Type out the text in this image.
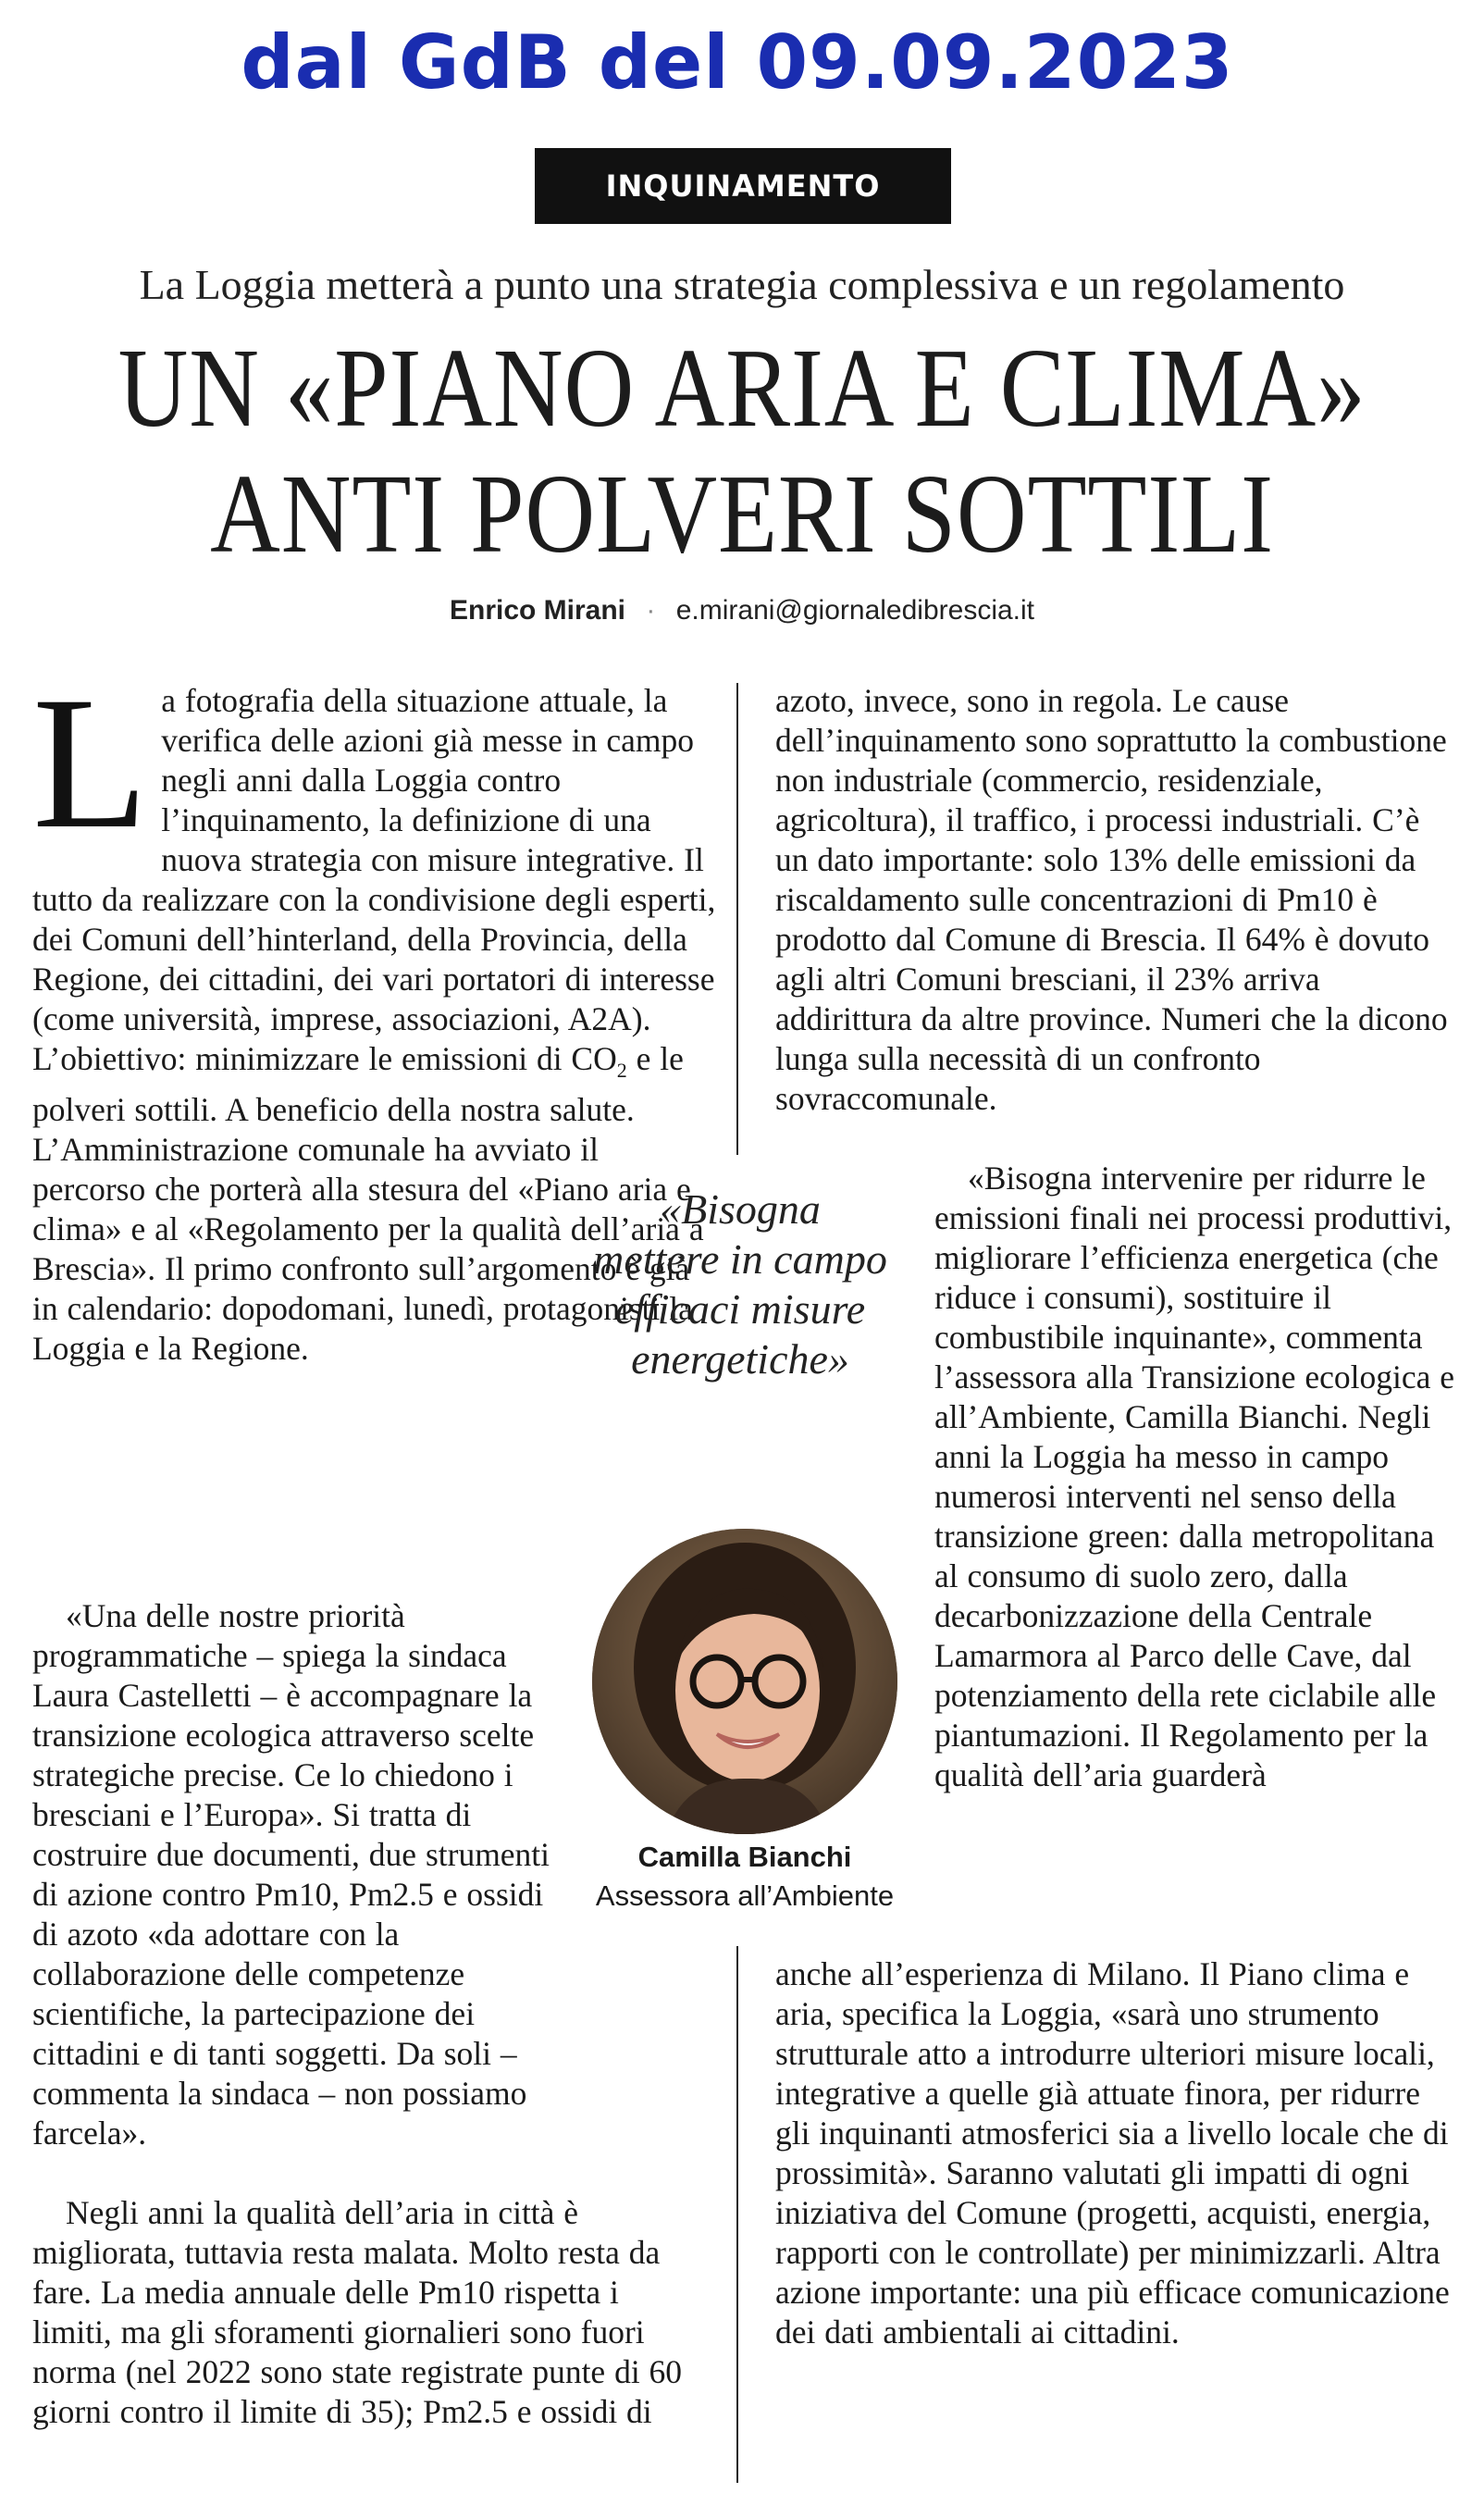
dal GdB del 09.09.2023
INQUINAMENTO
La Loggia metterà a punto una strategia complessiva e un regolamento
UN «PIANO ARIA E CLIMA»
ANTI POLVERI SOTTILI
Enrico Mirani · e.mirani@giornaledibrescia.it

La fotografia della situazione attuale, la verifica delle azioni già messe in campo negli anni dalla Loggia contro l’inquinamento, la definizione di una nuova strategia con misure integrative. Il tutto da realizzare con la condivisione degli esperti, dei Comuni dell’hinterland, della Provincia, della Regione, dei cittadini, dei vari portatori di interesse (come università, imprese, associazioni, A2A). L’obiettivo: minimizzare le emissioni di $CO_2$ e le polveri sottili. A beneficio della nostra salute. L’Amministrazione comunale ha avviato il percorso che porterà alla stesura del «Piano aria e clima» e al «Regolamento per la qualità dell’aria a Brescia». Il primo confronto sull’argomento è già in calendario: dopodomani, lunedì, protagonisti la Loggia e la Regione.

«Una delle nostre priorità programmatiche – spiega la sindaca Laura Castelletti – è accompagnare la transizione ecologica attraverso scelte strategiche precise. Ce lo chiedono i bresciani e l’Europa». Si tratta di costruire due documenti, due strumenti di azione contro Pm10, Pm2.5 e ossidi di azoto «da adottare con la collaborazione delle competenze scientifiche, la partecipazione dei cittadini e di tanti soggetti. Da soli – commenta la sindaca – non possiamo farcela».

Negli anni la qualità dell’aria in città è migliorata, tuttavia resta malata. Molto resta da fare. La media annuale delle Pm10 rispetta i limiti, ma gli sforamenti giornalieri sono fuori norma (nel 2022 sono state registrate punte di 60 giorni contro il limite di 35); Pm2.5 e ossidi di

azoto, invece, sono in regola. Le cause dell’inquinamento sono soprattutto la combustione non industriale (commercio, residenziale, agricoltura), il traffico, i processi industriali. C’è un dato importante: solo 13% delle emissioni da riscaldamento sulle concentrazioni di Pm10 è prodotto dal Comune di Brescia. Il 64% è dovuto agli altri Comuni bresciani, il 23% arriva addirittura da altre province. Numeri che la dicono lunga sulla necessità di un confronto sovraccomunale.

«Bisogna intervenire per ridurre le emissioni finali nei processi produttivi, migliorare l’efficienza energetica (che riduce i consumi), sostituire il combustibile inquinante», commenta l’assessora alla Transizione ecologica e all’Ambiente, Camilla Bianchi. Negli anni la Loggia ha messo in campo numerosi interventi nel senso della transizione green: dalla metropolitana al consumo di suolo zero, dalla decarbonizzazione della Centrale Lamarmora al Parco delle Cave, dal potenziamento della rete ciclabile alle piantumazioni. Il Regolamento per la qualità dell’aria guarderà

anche all’esperienza di Milano. Il Piano clima e aria, specifica la Loggia, «sarà uno strumento strutturale atto a introdurre ulteriori misure locali, integrative a quelle già attuate finora, per ridurre gli inquinanti atmosferici sia a livello locale che di prossimità». Saranno valutati gli impatti di ogni iniziativa del Comune (progetti, acquisti, energia, rapporti con le controllate) per minimizzarli. Altra azione importante: una più efficace comunicazione dei dati ambientali ai cittadini.

«Bisogna mettere in campo efficaci misure energetiche»
Camilla Bianchi
Assessora all’Ambiente
